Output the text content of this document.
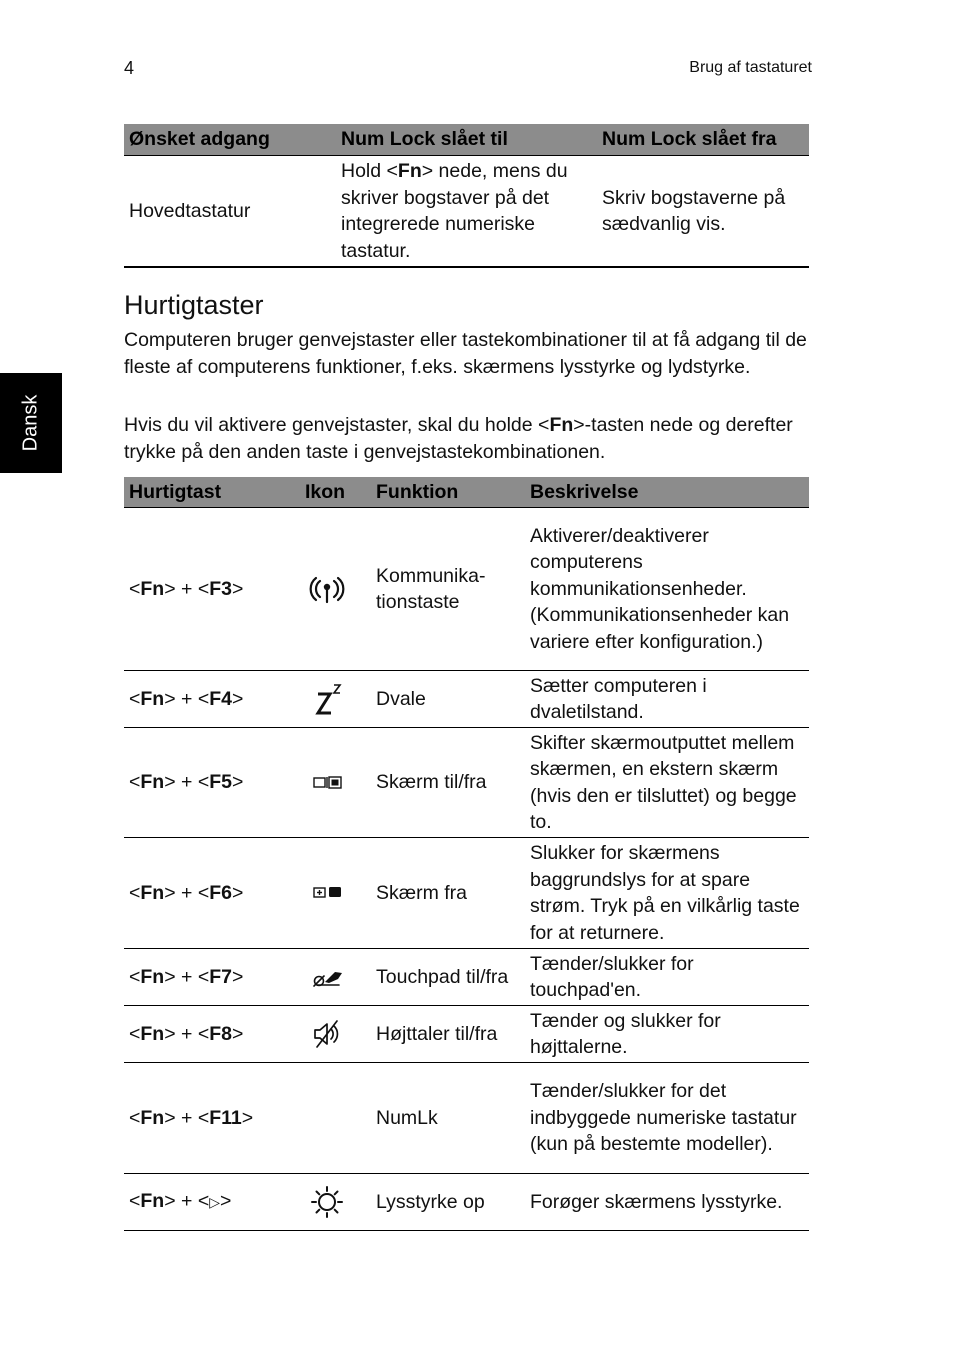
4	Brug af tastaturet
Dansk
Ønsket adgang	Num Lock slået til	Num Lock slået fra
Hovedtastatur	Hold <Fn> nede, mens du skriver bogstaver på det integrerede numeriske tastatur.	Skriv bogstaverne på sædvanlig vis.
Hurtigtaster

Computeren bruger genvejstaster eller tastekombinationer til at få adgang til de fleste af computerens funktioner, f.eks. skærmens lysstyrke og lydstyrke.

Hvis du vil aktivere genvejstaster, skal du holde <Fn>-tasten nede og derefter trykke på den anden taste i genvejstastekombinationen.

Hurtigtast	Ikon	Funktion	Beskrivelse
<Fn> + <F3>		Kommunika-tionstaste	Aktiverer/deaktiverer computerens kommunikationsenheder. (Kommunikationsenheder kan variere efter konfiguration.)
<Fn> + <F4>		Dvale	Sætter computeren i dvaletilstand.
<Fn> + <F5>		Skærm til/fra	Skifter skærmoutputtet mellem skærmen, en ekstern skærm (hvis den er tilsluttet) og begge to.
<Fn> + <F6>		Skærm fra	Slukker for skærmens baggrundslys for at spare strøm. Tryk på en vilkårlig taste for at returnere.
<Fn> + <F7>		Touchpad til/fra	Tænder/slukker for touchpad'en.
<Fn> + <F8>		Højttaler til/fra	Tænder og slukker for højttalerne.
<Fn> + <F11>		NumLk	Tænder/slukker for det indbyggede numeriske tastatur (kun på bestemte modeller).
<Fn> + <▷>		Lysstyrke op	Forøger skærmens lysstyrke.
